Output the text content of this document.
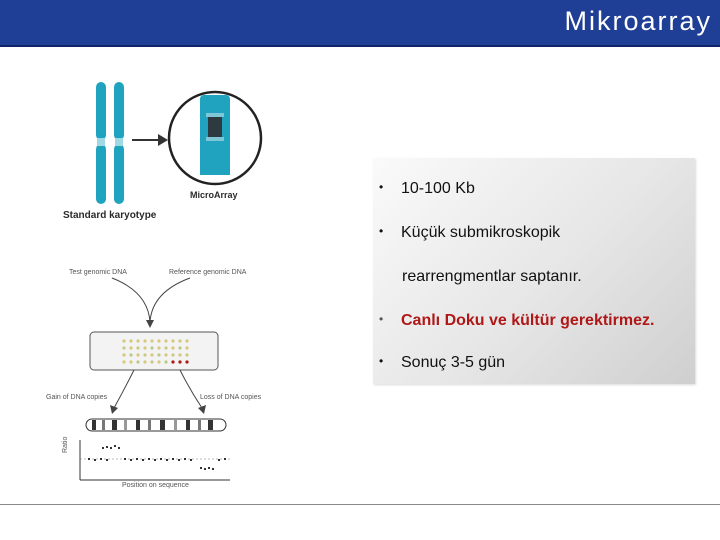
Mikroarray
Standard karyotype
MicroArray
Test genomic DNA	Reference genomic DNA
Gain of DNA copies	Loss of DNA copies
Ratio
Position on sequence
• 10-100 Kb
• Küçük submikroskopik
rearrengmentlar saptanır.
• Canlı Doku ve kültür gerektirmez.
• Sonuç 3-5 gün
